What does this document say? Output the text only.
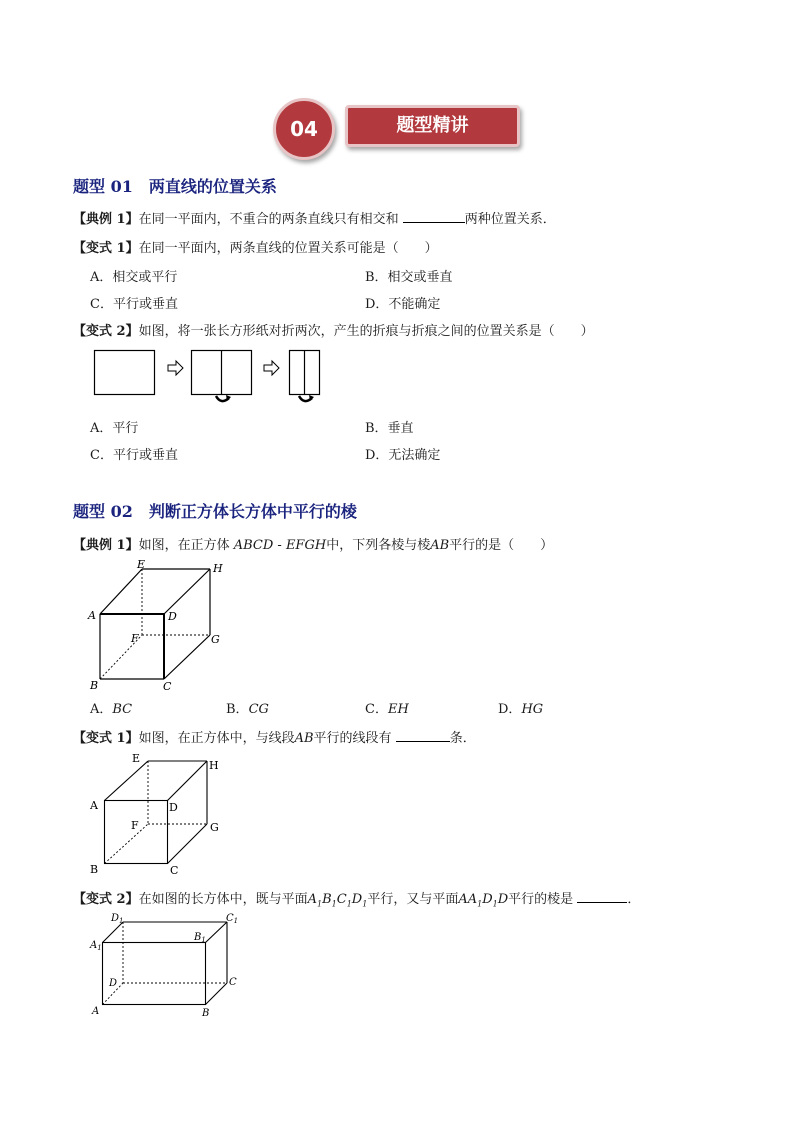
04	题型精讲
题型 01　两直线的位置关系
【典例 1】在同一平面内，不重合的两条直线只有相交和	两种位置关系．
【变式 1】在同一平面内，两条直线的位置关系可能是（　　）
A．相交或平行	B．相交或垂直
C．平行或垂直	D．不能确定
【变式 2】如图，将一张长方形纸对折两次，产生的折痕与折痕之间的位置关系是（　　）
A．平行	B．垂直
C．平行或垂直	D．无法确定
题型 02　判断正方体长方体中平行的棱
【典例 1】如图，在正方体 ABCD - EFGH中，下列各棱与棱AB平行的是（　　）
A
B	C
D
E
F	G
H
A．BC	B．CG	C．EH	D．HG
【变式 1】如图，在正方体中，与线段AB平行的线段有	条．
A
B	C
D
E
F	G
H
【变式 2】在如图的长方体中，既与平面$A_1B_1C_1D_1$平行，又与平面$AA_1D_1D$平行的棱是	．
A	B
C
D
$A_1$
$B_1$
$C_1$
$D_1$
